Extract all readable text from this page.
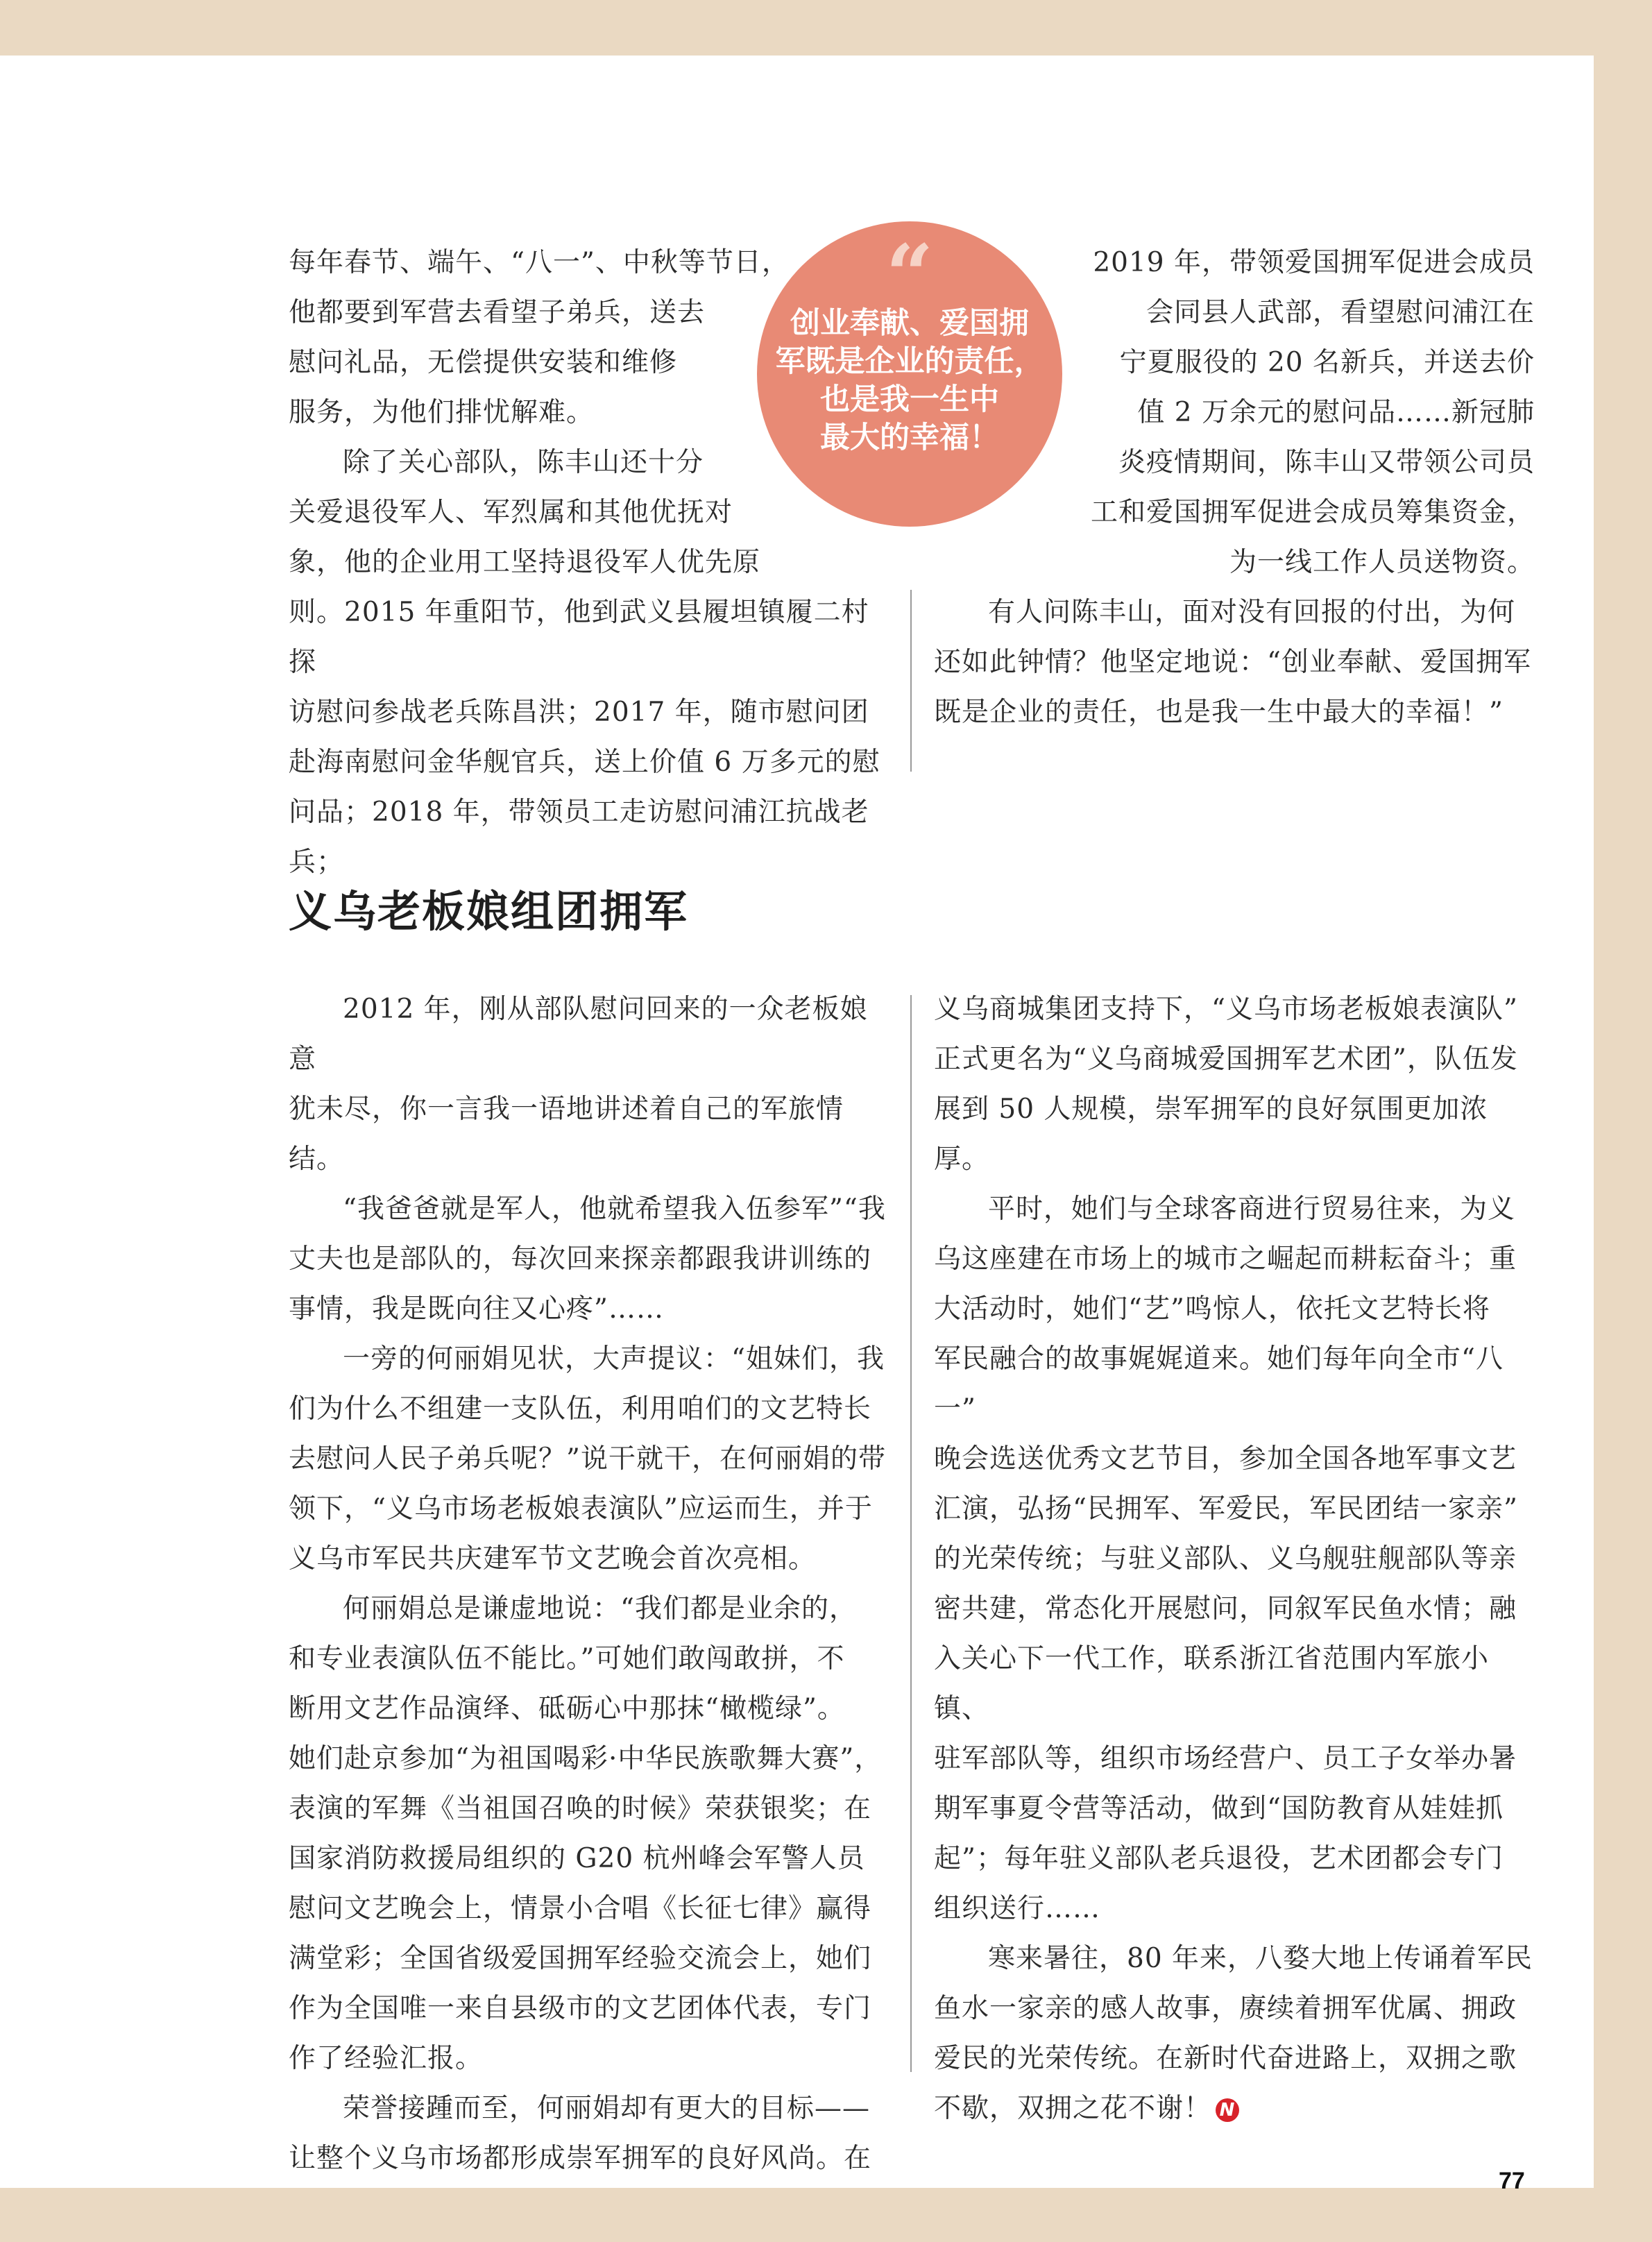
每年春节、端午、“八一”、中秋等节日，

他都要到军营去看望子弟兵，送去

慰问礼品，无偿提供安装和维修

服务，为他们排忧解难。

除了关心部队，陈丰山还十分

关爱退役军人、军烈属和其他优抚对

象，他的企业用工坚持退役军人优先原

则。2015 年重阳节，他到武义县履坦镇履二村探

访慰问参战老兵陈昌洪；2017 年，随市慰问团

赴海南慰问金华舰官兵，送上价值 6 万多元的慰

问品；2018 年，带领员工走访慰问浦江抗战老兵；

2019 年，带领爱国拥军促进会成员

会同县人武部，看望慰问浦江在

宁夏服役的 20 名新兵，并送去价

值 2 万余元的慰问品……新冠肺

炎疫情期间，陈丰山又带领公司员

工和爱国拥军促进会成员筹集资金，

为一线工作人员送物资。

有人问陈丰山，面对没有回报的付出，为何

还如此钟情？他坚定地说：“创业奉献、爱国拥军

既是企业的责任，也是我一生中最大的幸福！”

“
创业奉献、爱国拥
军既是企业的责任，
也是我一生中
最大的幸福！
义乌老板娘组团拥军

2012 年，刚从部队慰问回来的一众老板娘意

犹未尽，你一言我一语地讲述着自己的军旅情结。

“我爸爸就是军人，他就希望我入伍参军”“我

丈夫也是部队的，每次回来探亲都跟我讲训练的

事情，我是既向往又心疼”……

一旁的何丽娟见状，大声提议：“姐妹们，我

们为什么不组建一支队伍，利用咱们的文艺特长

去慰问人民子弟兵呢？”说干就干，在何丽娟的带

领下，“义乌市场老板娘表演队”应运而生，并于

义乌市军民共庆建军节文艺晚会首次亮相。

何丽娟总是谦虚地说：“我们都是业余的，

和专业表演队伍不能比。”可她们敢闯敢拼，不

断用文艺作品演绎、砥砺心中那抹“橄榄绿”。

她们赴京参加“为祖国喝彩·中华民族歌舞大赛”，

表演的军舞《当祖国召唤的时候》荣获银奖；在

国家消防救援局组织的 G20 杭州峰会军警人员

慰问文艺晚会上，情景小合唱《长征七律》赢得

满堂彩；全国省级爱国拥军经验交流会上，她们

作为全国唯一来自县级市的文艺团体代表，专门

作了经验汇报。

荣誉接踵而至，何丽娟却有更大的目标——

让整个义乌市场都形成崇军拥军的良好风尚。在

义乌商城集团支持下，“义乌市场老板娘表演队”

正式更名为“义乌商城爱国拥军艺术团”，队伍发

展到 50 人规模，崇军拥军的良好氛围更加浓厚。

平时，她们与全球客商进行贸易往来，为义

乌这座建在市场上的城市之崛起而耕耘奋斗；重

大活动时，她们“艺”鸣惊人，依托文艺特长将

军民融合的故事娓娓道来。她们每年向全市“八一”

晚会选送优秀文艺节目，参加全国各地军事文艺

汇演，弘扬“民拥军、军爱民，军民团结一家亲”

的光荣传统；与驻义部队、义乌舰驻舰部队等亲

密共建，常态化开展慰问，同叙军民鱼水情；融

入关心下一代工作，联系浙江省范围内军旅小镇、

驻军部队等，组织市场经营户、员工子女举办暑

期军事夏令营等活动，做到“国防教育从娃娃抓

起”；每年驻义部队老兵退役，艺术团都会专门

组织送行……

寒来暑往，80 年来，八婺大地上传诵着军民

鱼水一家亲的感人故事，赓续着拥军优属、拥政

爱民的光荣传统。在新时代奋进路上，双拥之歌

不歇，双拥之花不谢！ N

77
